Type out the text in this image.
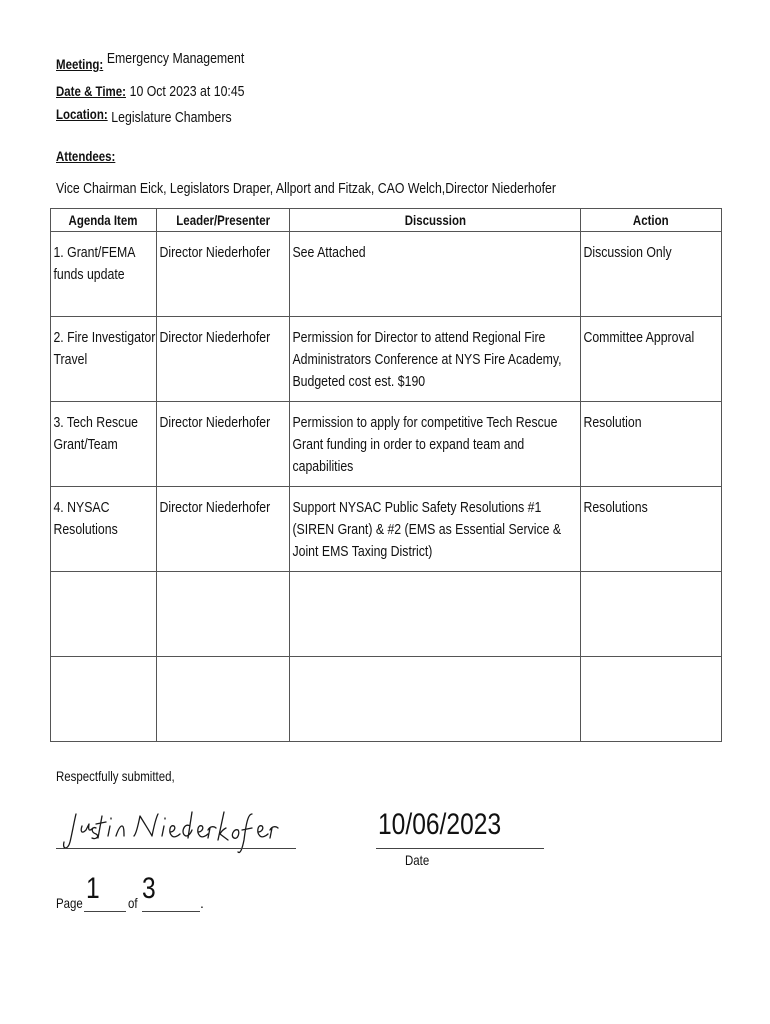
Meeting: Emergency Management
Date & Time: 10 Oct 2023 at 10:45
Location: Legislature Chambers
Attendees:
Vice Chairman Eick, Legislators Draper, Allport and Fitzak, CAO Welch,Director Niederhofer
Agenda Item	Leader/Presenter	Discussion	Action

1. Grant/FEMA funds update	Director Niederhofer	See Attached	Discussion Only

2. Fire Investigator Travel	Director Niederhofer	Permission for Director to attend Regional Fire Administrators Conference at NYS Fire Academy, Budgeted cost est. $190	Committee Approval

3. Tech Rescue Grant/Team	Director Niederhofer	Permission to apply for competitive Tech Rescue Grant funding in order to expand team and capabilities	Resolution

4. NYSAC Resolutions	Director Niederhofer	Support NYSAC Public Safety Resolutions #1 (SIREN Grant) & #2 (EMS as Essential Service & Joint EMS Taxing District)	Resolutions

Respectfully submitted,
10/06/2023
Date
Page 1 of 3	.
